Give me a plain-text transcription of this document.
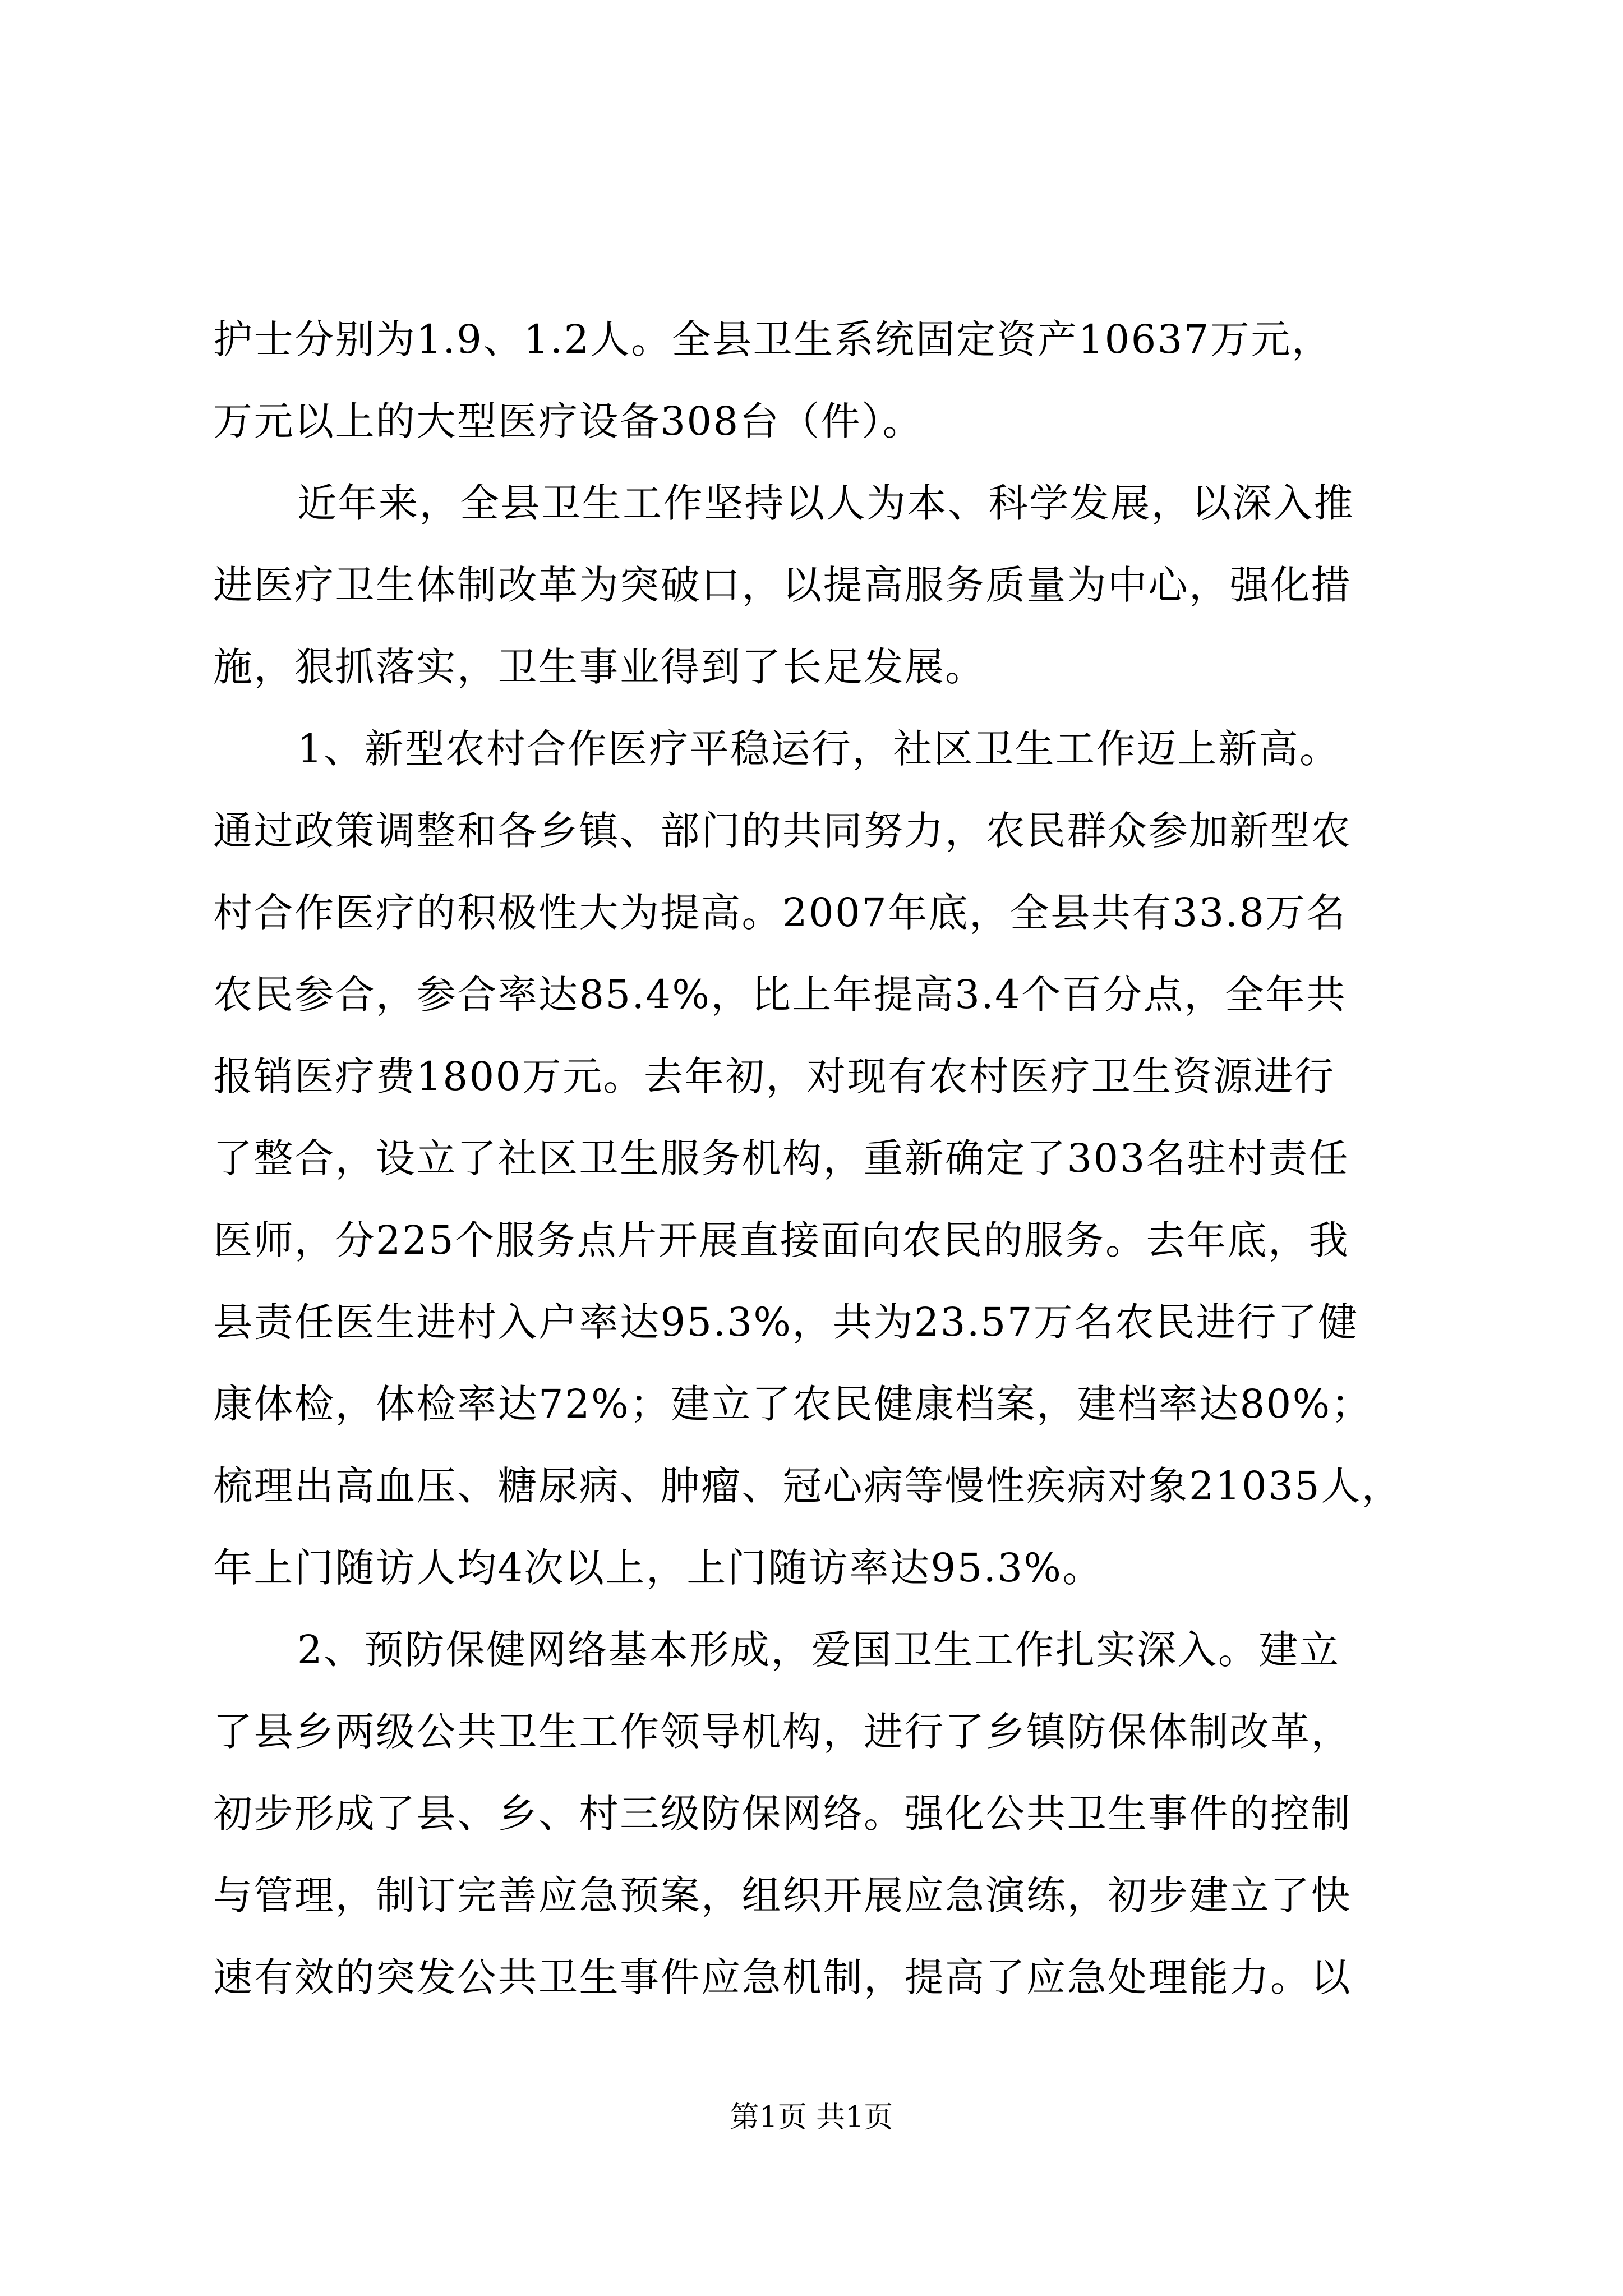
护士分别为1.9、1.2人。全县卫生系统固定资产10637万元，

万元以上的大型医疗设备308台（件）。

近年来，全县卫生工作坚持以人为本、科学发展，以深入推

进医疗卫生体制改革为突破口，以提高服务质量为中心，强化措

施，狠抓落实，卫生事业得到了长足发展。

1、新型农村合作医疗平稳运行，社区卫生工作迈上新高。

通过政策调整和各乡镇、部门的共同努力，农民群众参加新型农

村合作医疗的积极性大为提高。2007年底，全县共有33.8万名

农民参合，参合率达85.4%，比上年提高3.4个百分点，全年共

报销医疗费1800万元。去年初，对现有农村医疗卫生资源进行

了整合，设立了社区卫生服务机构，重新确定了303名驻村责任

医师，分225个服务点片开展直接面向农民的服务。去年底，我

县责任医生进村入户率达95.3%，共为23.57万名农民进行了健

康体检，体检率达72%；建立了农民健康档案，建档率达80%；

梳理出高血压、糖尿病、肿瘤、冠心病等慢性疾病对象21035人，

年上门随访人均4次以上，上门随访率达95.3%。

2、预防保健网络基本形成，爱国卫生工作扎实深入。建立

了县乡两级公共卫生工作领导机构，进行了乡镇防保体制改革，

初步形成了县、乡、村三级防保网络。强化公共卫生事件的控制

与管理，制订完善应急预案，组织开展应急演练，初步建立了快

速有效的突发公共卫生事件应急机制，提高了应急处理能力。以

第1页 共1页
